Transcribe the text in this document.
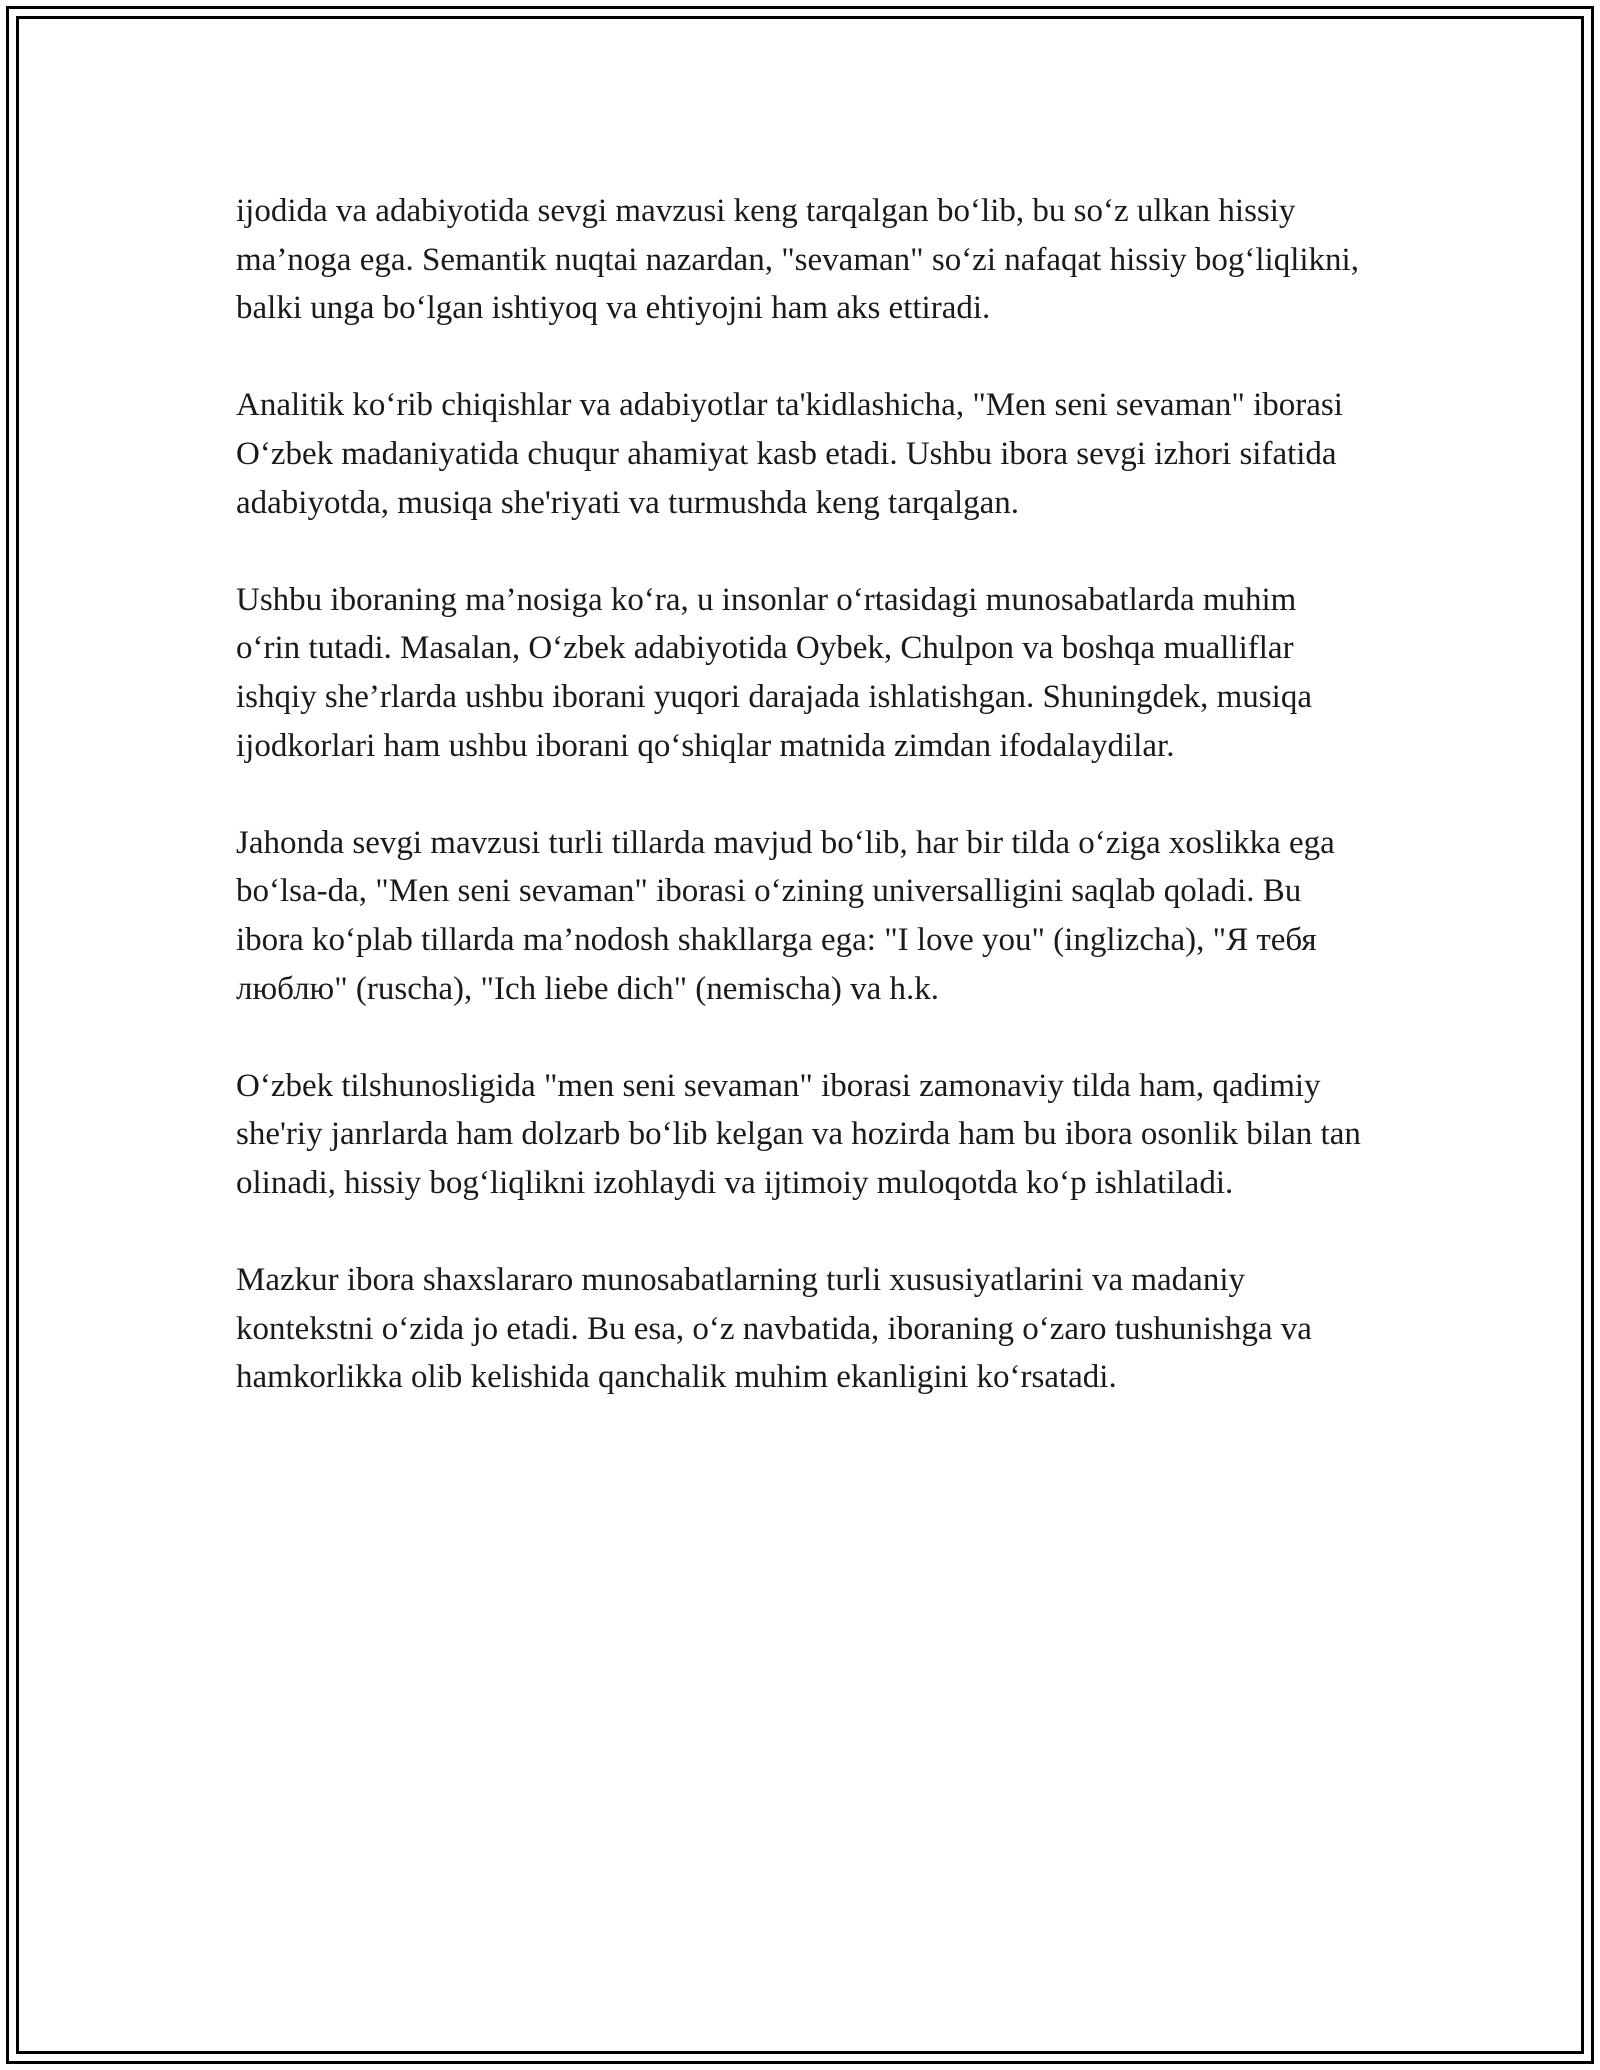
ijodida va adabiyotida sevgi mavzusi keng tarqalgan bo‘lib, bu so‘z ulkan hissiy ma’noga ega. Semantik nuqtai nazardan, "sevaman" so‘zi nafaqat hissiy bog‘liqlikni, balki unga bo‘lgan ishtiyoq va ehtiyojni ham aks ettiradi.

Analitik ko‘rib chiqishlar va adabiyotlar ta'kidlashicha, "Men seni sevaman" iborasi O‘zbek madaniyatida chuqur ahamiyat kasb etadi. Ushbu ibora sevgi izhori sifatida adabiyotda, musiqa she'riyati va turmushda keng tarqalgan.

Ushbu iboraning ma’nosiga ko‘ra, u insonlar o‘rtasidagi munosabatlarda muhim o‘rin tutadi. Masalan, O‘zbek adabiyotida Oybek, Chulpon va boshqa mualliflar ishqiy she’rlarda ushbu iborani yuqori darajada ishlatishgan. Shuningdek, musiqa ijodkorlari ham ushbu iborani qo‘shiqlar matnida zimdan ifodalaydilar.

Jahonda sevgi mavzusi turli tillarda mavjud bo‘lib, har bir tilda o‘ziga xoslikka ega bo‘lsa-da, "Men seni sevaman" iborasi o‘zining universalligini saqlab qoladi. Bu ibora ko‘plab tillarda ma’nodosh shakllarga ega: "I love you" (inglizcha), "Я тебя люблю" (ruscha), "Ich liebe dich" (nemischa) va h.k.

O‘zbek tilshunosligida "men seni sevaman" iborasi zamonaviy tilda ham, qadimiy she'riy janrlarda ham dolzarb bo‘lib kelgan va hozirda ham bu ibora osonlik bilan tan olinadi, hissiy bog‘liqlikni izohlaydi va ijtimoiy muloqotda ko‘p ishlatiladi.

Mazkur ibora shaxslararo munosabatlarning turli xususiyatlarini va madaniy kontekstni o‘zida jo etadi. Bu esa, o‘z navbatida, iboraning o‘zaro tushunishga va hamkorlikka olib kelishida qanchalik muhim ekanligini ko‘rsatadi.
